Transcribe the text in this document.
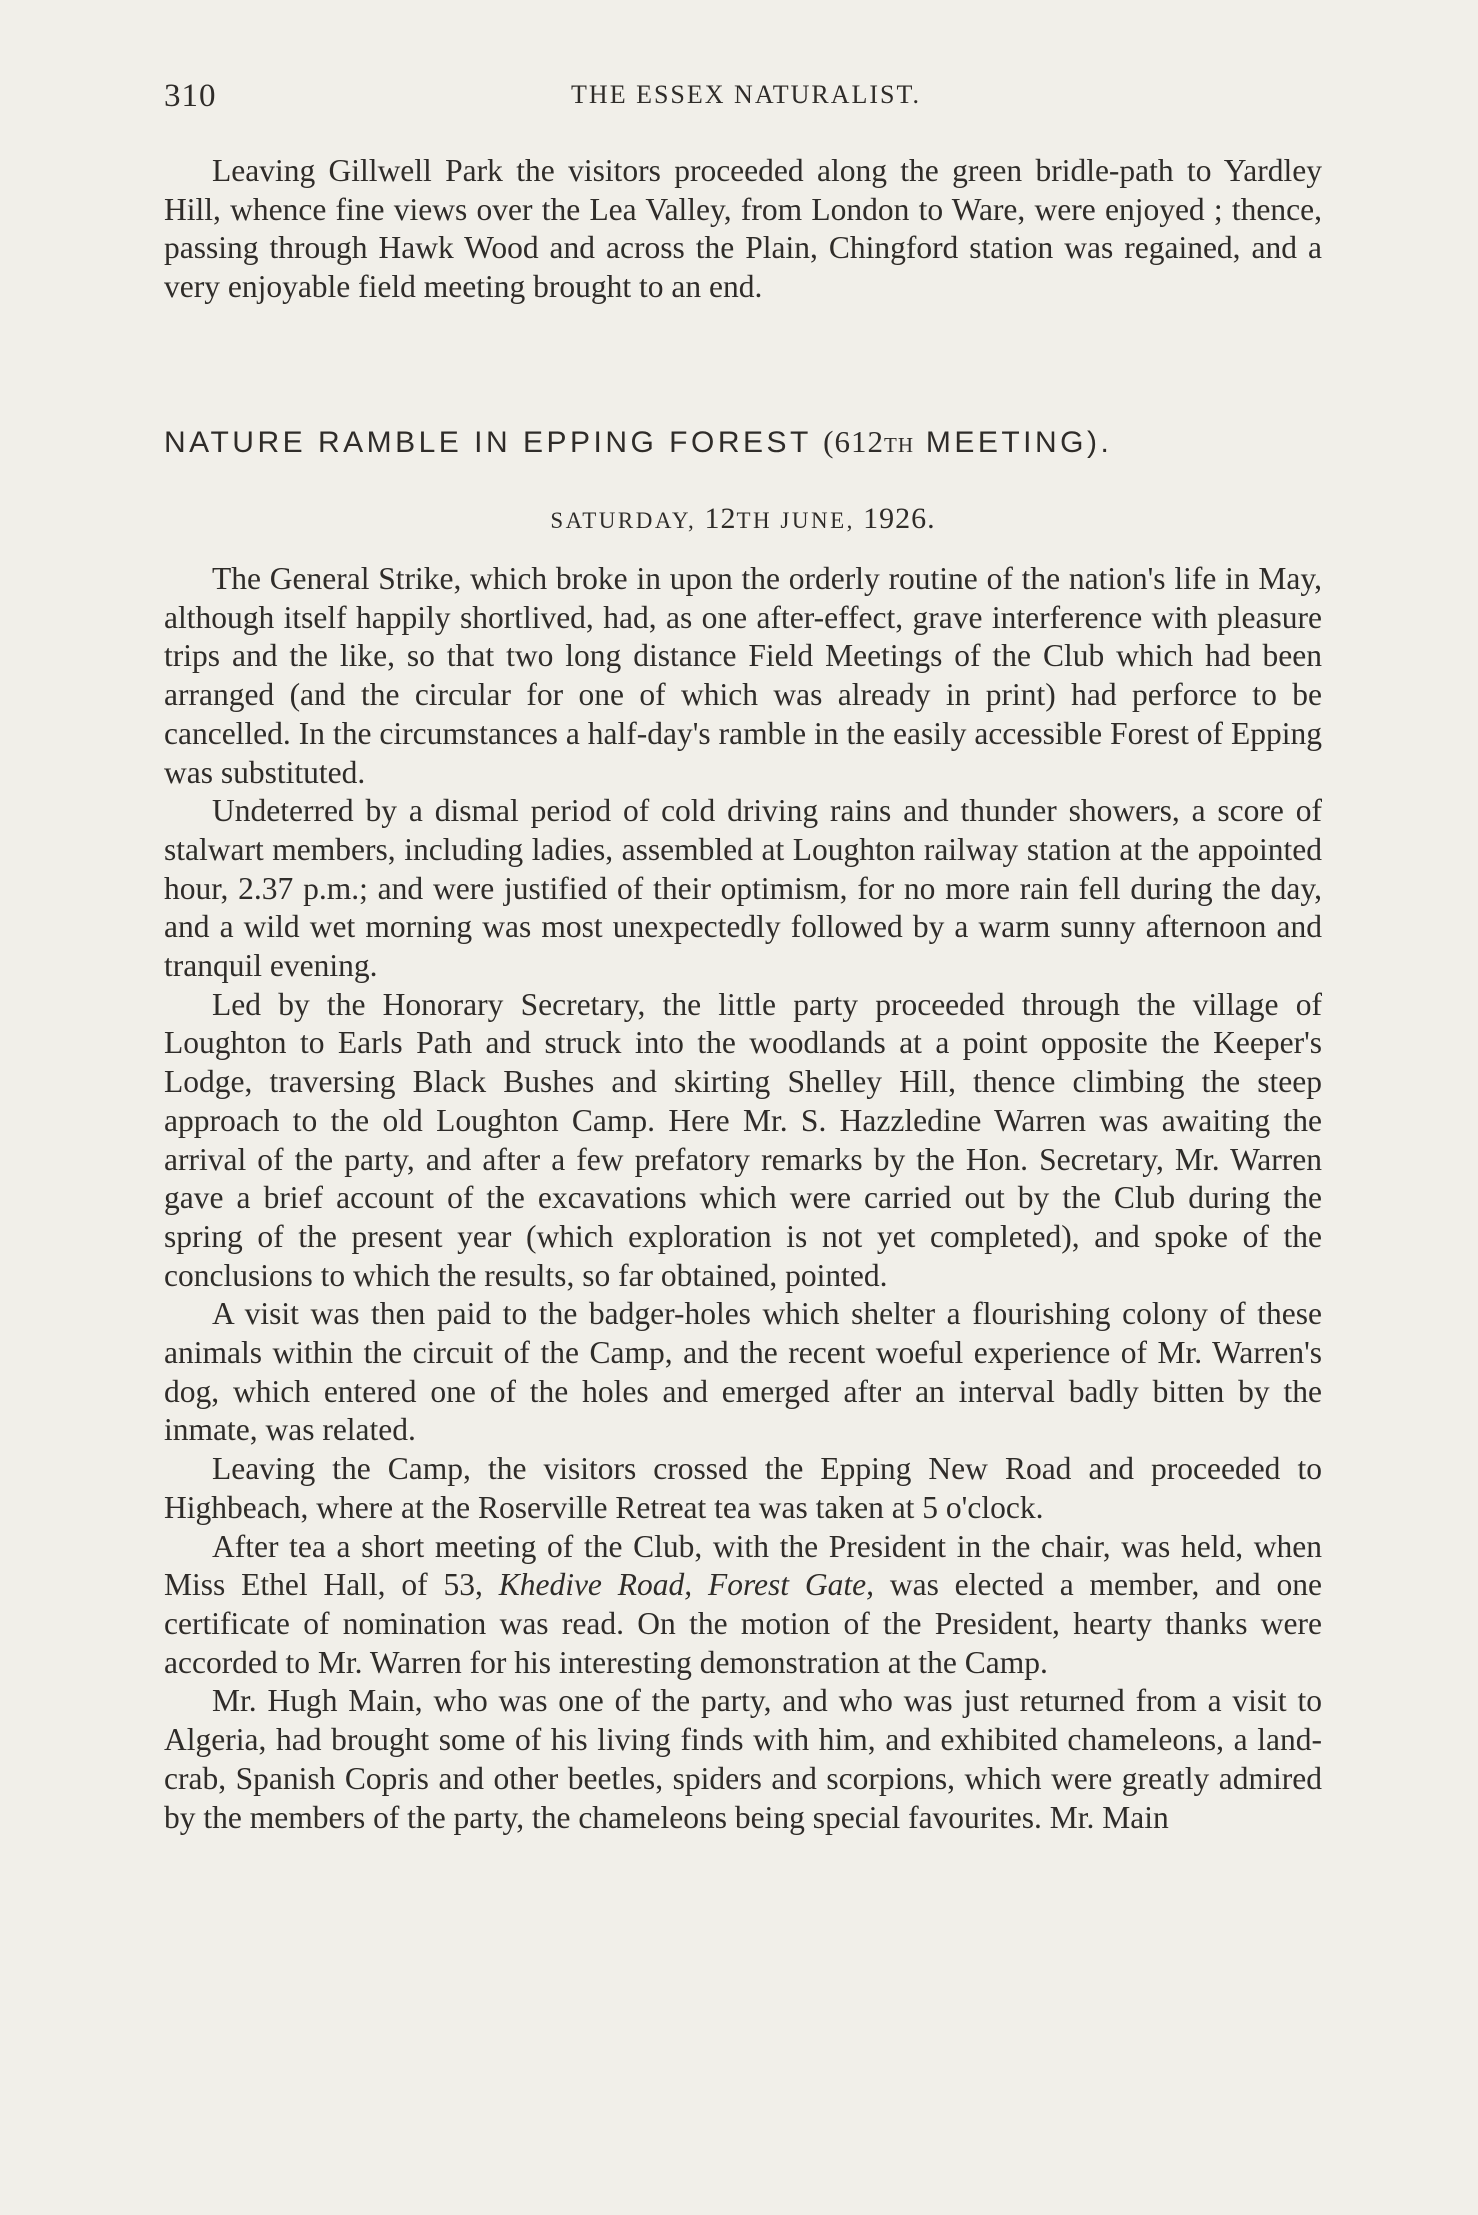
310	THE ESSEX NATURALIST.

Leaving Gillwell Park the visitors proceeded along the green bridle-path to Yardley Hill, whence fine views over the Lea Valley, from London to Ware, were enjoyed ; thence, passing through Hawk Wood and across the Plain, Chingford station was regained, and a very enjoyable field meeting brought to an end.

NATURE RAMBLE IN EPPING FOREST (612TH MEETING).
SATURDAY, 12TH JUNE, 1926.

The General Strike, which broke in upon the orderly routine of the nation's life in May, although itself happily shortlived, had, as one after-effect, grave interference with pleasure trips and the like, so that two long distance Field Meetings of the Club which had been arranged (and the circular for one of which was already in print) had perforce to be cancelled. In the circumstances a half-day's ramble in the easily accessible Forest of Epping was substituted.

Undeterred by a dismal period of cold driving rains and thunder showers, a score of stalwart members, including ladies, assembled at Loughton railway station at the appointed hour, 2.37 p.m.; and were justified of their optimism, for no more rain fell during the day, and a wild wet morning was most unexpectedly followed by a warm sunny afternoon and tranquil evening.

Led by the Honorary Secretary, the little party proceeded through the village of Loughton to Earls Path and struck into the woodlands at a point opposite the Keeper's Lodge, traversing Black Bushes and skirting Shelley Hill, thence climbing the steep approach to the old Loughton Camp. Here Mr. S. Hazzledine Warren was awaiting the arrival of the party, and after a few prefatory remarks by the Hon. Secretary, Mr. Warren gave a brief account of the excavations which were carried out by the Club during the spring of the present year (which exploration is not yet completed), and spoke of the conclusions to which the results, so far obtained, pointed.

A visit was then paid to the badger-holes which shelter a flourishing colony of these animals within the circuit of the Camp, and the recent woeful experience of Mr. Warren's dog, which entered one of the holes and emerged after an interval badly bitten by the inmate, was related.

Leaving the Camp, the visitors crossed the Epping New Road and proceeded to Highbeach, where at the Roserville Retreat tea was taken at 5 o'clock.

After tea a short meeting of the Club, with the President in the chair, was held, when Miss Ethel Hall, of 53, Khedive Road, Forest Gate, was elected a member, and one certificate of nomination was read. On the motion of the President, hearty thanks were accorded to Mr. Warren for his interesting demonstration at the Camp.

Mr. Hugh Main, who was one of the party, and who was just returned from a visit to Algeria, had brought some of his living finds with him, and exhibited chameleons, a land-crab, Spanish Copris and other beetles, spiders and scorpions, which were greatly admired by the members of the party, the chameleons being special favourites. Mr. Main
